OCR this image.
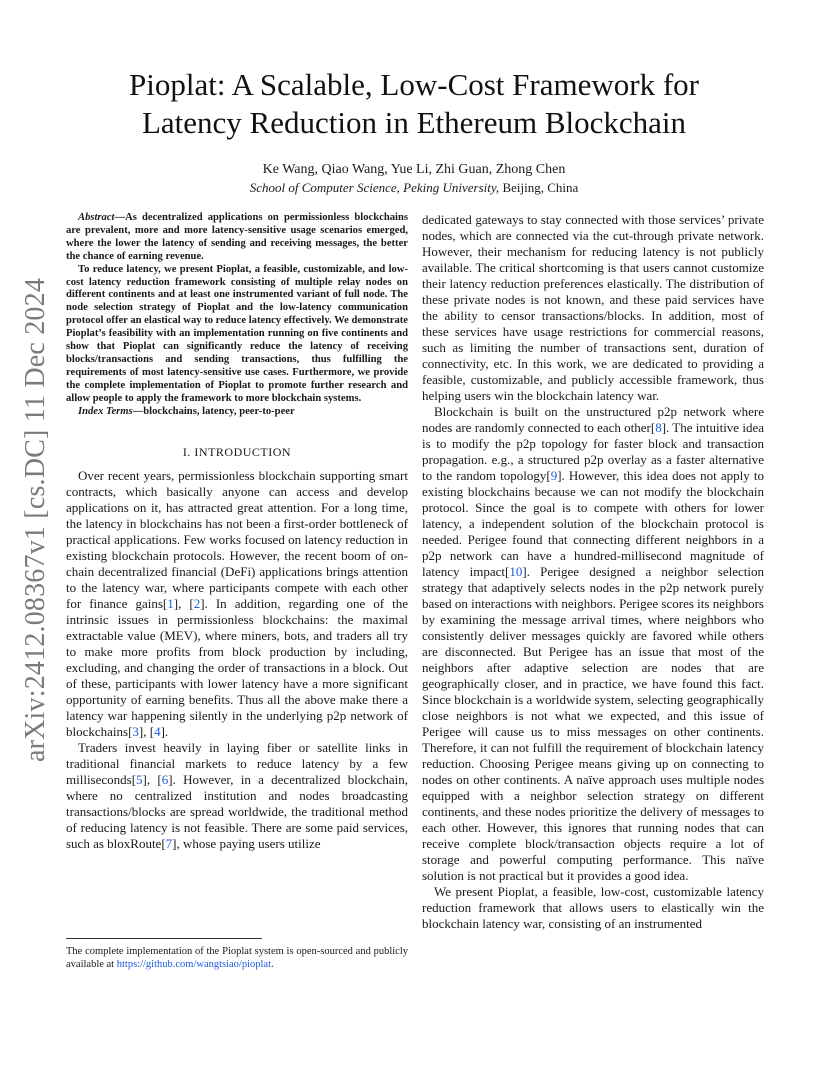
arXiv:2412.08367v1 [cs.DC] 11 Dec 2024
Pioplat: A Scalable, Low-Cost Framework for
Latency Reduction in Ethereum Blockchain
Ke Wang, Qiao Wang, Yue Li, Zhi Guan, Zhong Chen
School of Computer Science, Peking University, Beijing, China

Abstract—As decentralized applications on permissionless blockchains are prevalent, more and more latency-sensitive usage scenarios emerged, where the lower the latency of sending and receiving messages, the better the chance of earning revenue.

To reduce latency, we present Pioplat, a feasible, customizable, and low-cost latency reduction framework consisting of multiple relay nodes on different continents and at least one instrumented variant of full node. The node selection strategy of Pioplat and the low-latency communication protocol offer an elastical way to reduce latency effectively. We demonstrate Pioplat’s feasibility with an implementation running on five continents and show that Pioplat can significantly reduce the latency of receiving blocks/transactions and sending transactions, thus fulfilling the requirements of most latency-sensitive use cases. Furthermore, we provide the complete implementation of Pioplat to promote further research and allow people to apply the framework to more blockchain systems.

Index Terms—blockchains, latency, peer-to-peer

I. INTRODUCTION

Over recent years, permissionless blockchain supporting smart contracts, which basically anyone can access and develop applications on it, has attracted great attention. For a long time, the latency in blockchains has not been a first-order bottleneck of practical applications. Few works focused on latency reduction in existing blockchain protocols. However, the recent boom of on-chain decentralized financial (DeFi) applications brings attention to the latency war, where participants compete with each other for finance gains[1], [2]. In addition, regarding one of the intrinsic issues in permissionless blockchains: the maximal extractable value (MEV), where miners, bots, and traders all try to make more profits from block production by including, excluding, and changing the order of transactions in a block. Out of these, participants with lower latency have a more significant opportunity of earning benefits. Thus all the above make there a latency war happening silently in the underlying p2p network of blockchains[3], [4].

Traders invest heavily in laying fiber or satellite links in traditional financial markets to reduce latency by a few milliseconds[5], [6]. However, in a decentralized blockchain, where no centralized institution and nodes broadcasting transactions/blocks are spread worldwide, the traditional method of reducing latency is not feasible. There are some paid services, such as bloxRoute[7], whose paying users utilize

dedicated gateways to stay connected with those services’ private nodes, which are connected via the cut-through private network. However, their mechanism for reducing latency is not publicly available. The critical shortcoming is that users cannot customize their latency reduction preferences elastically. The distribution of these private nodes is not known, and these paid services have the ability to censor transactions/blocks. In addition, most of these services have usage restrictions for commercial reasons, such as limiting the number of transactions sent, duration of connectivity, etc. In this work, we are dedicated to providing a feasible, customizable, and publicly accessible framework, thus helping users win the blockchain latency war.

Blockchain is built on the unstructured p2p network where nodes are randomly connected to each other[8]. The intuitive idea is to modify the p2p topology for faster block and transaction propagation. e.g., a structured p2p overlay as a faster alternative to the random topology[9]. However, this idea does not apply to existing blockchains because we can not modify the blockchain protocol. Since the goal is to compete with others for lower latency, a independent solution of the blockchain protocol is needed. Perigee found that connecting different neighbors in a p2p network can have a hundred-millisecond magnitude of latency impact[10]. Perigee designed a neighbor selection strategy that adaptively selects nodes in the p2p network purely based on interactions with neighbors. Perigee scores its neighbors by examining the message arrival times, where neighbors who consistently deliver messages quickly are favored while others are disconnected. But Perigee has an issue that most of the neighbors after adaptive selection are nodes that are geographically closer, and in practice, we have found this fact. Since blockchain is a worldwide system, selecting geographically close neighbors is not what we expected, and this issue of Perigee will cause us to miss messages on other continents. Therefore, it can not fulfill the requirement of blockchain latency reduction. Choosing Perigee means giving up on connecting to nodes on other continents. A naïve approach uses multiple nodes equipped with a neighbor selection strategy on different continents, and these nodes prioritize the delivery of messages to each other. However, this ignores that running nodes that can receive complete block/transaction objects require a lot of storage and powerful computing performance. This naïve solution is not practical but it provides a good idea.

We present Pioplat, a feasible, low-cost, customizable latency reduction framework that allows users to elastically win the blockchain latency war, consisting of an instrumented

The complete implementation of the Pioplat system is open-sourced and publicly available at https://github.com/wangtsiao/pioplat.
